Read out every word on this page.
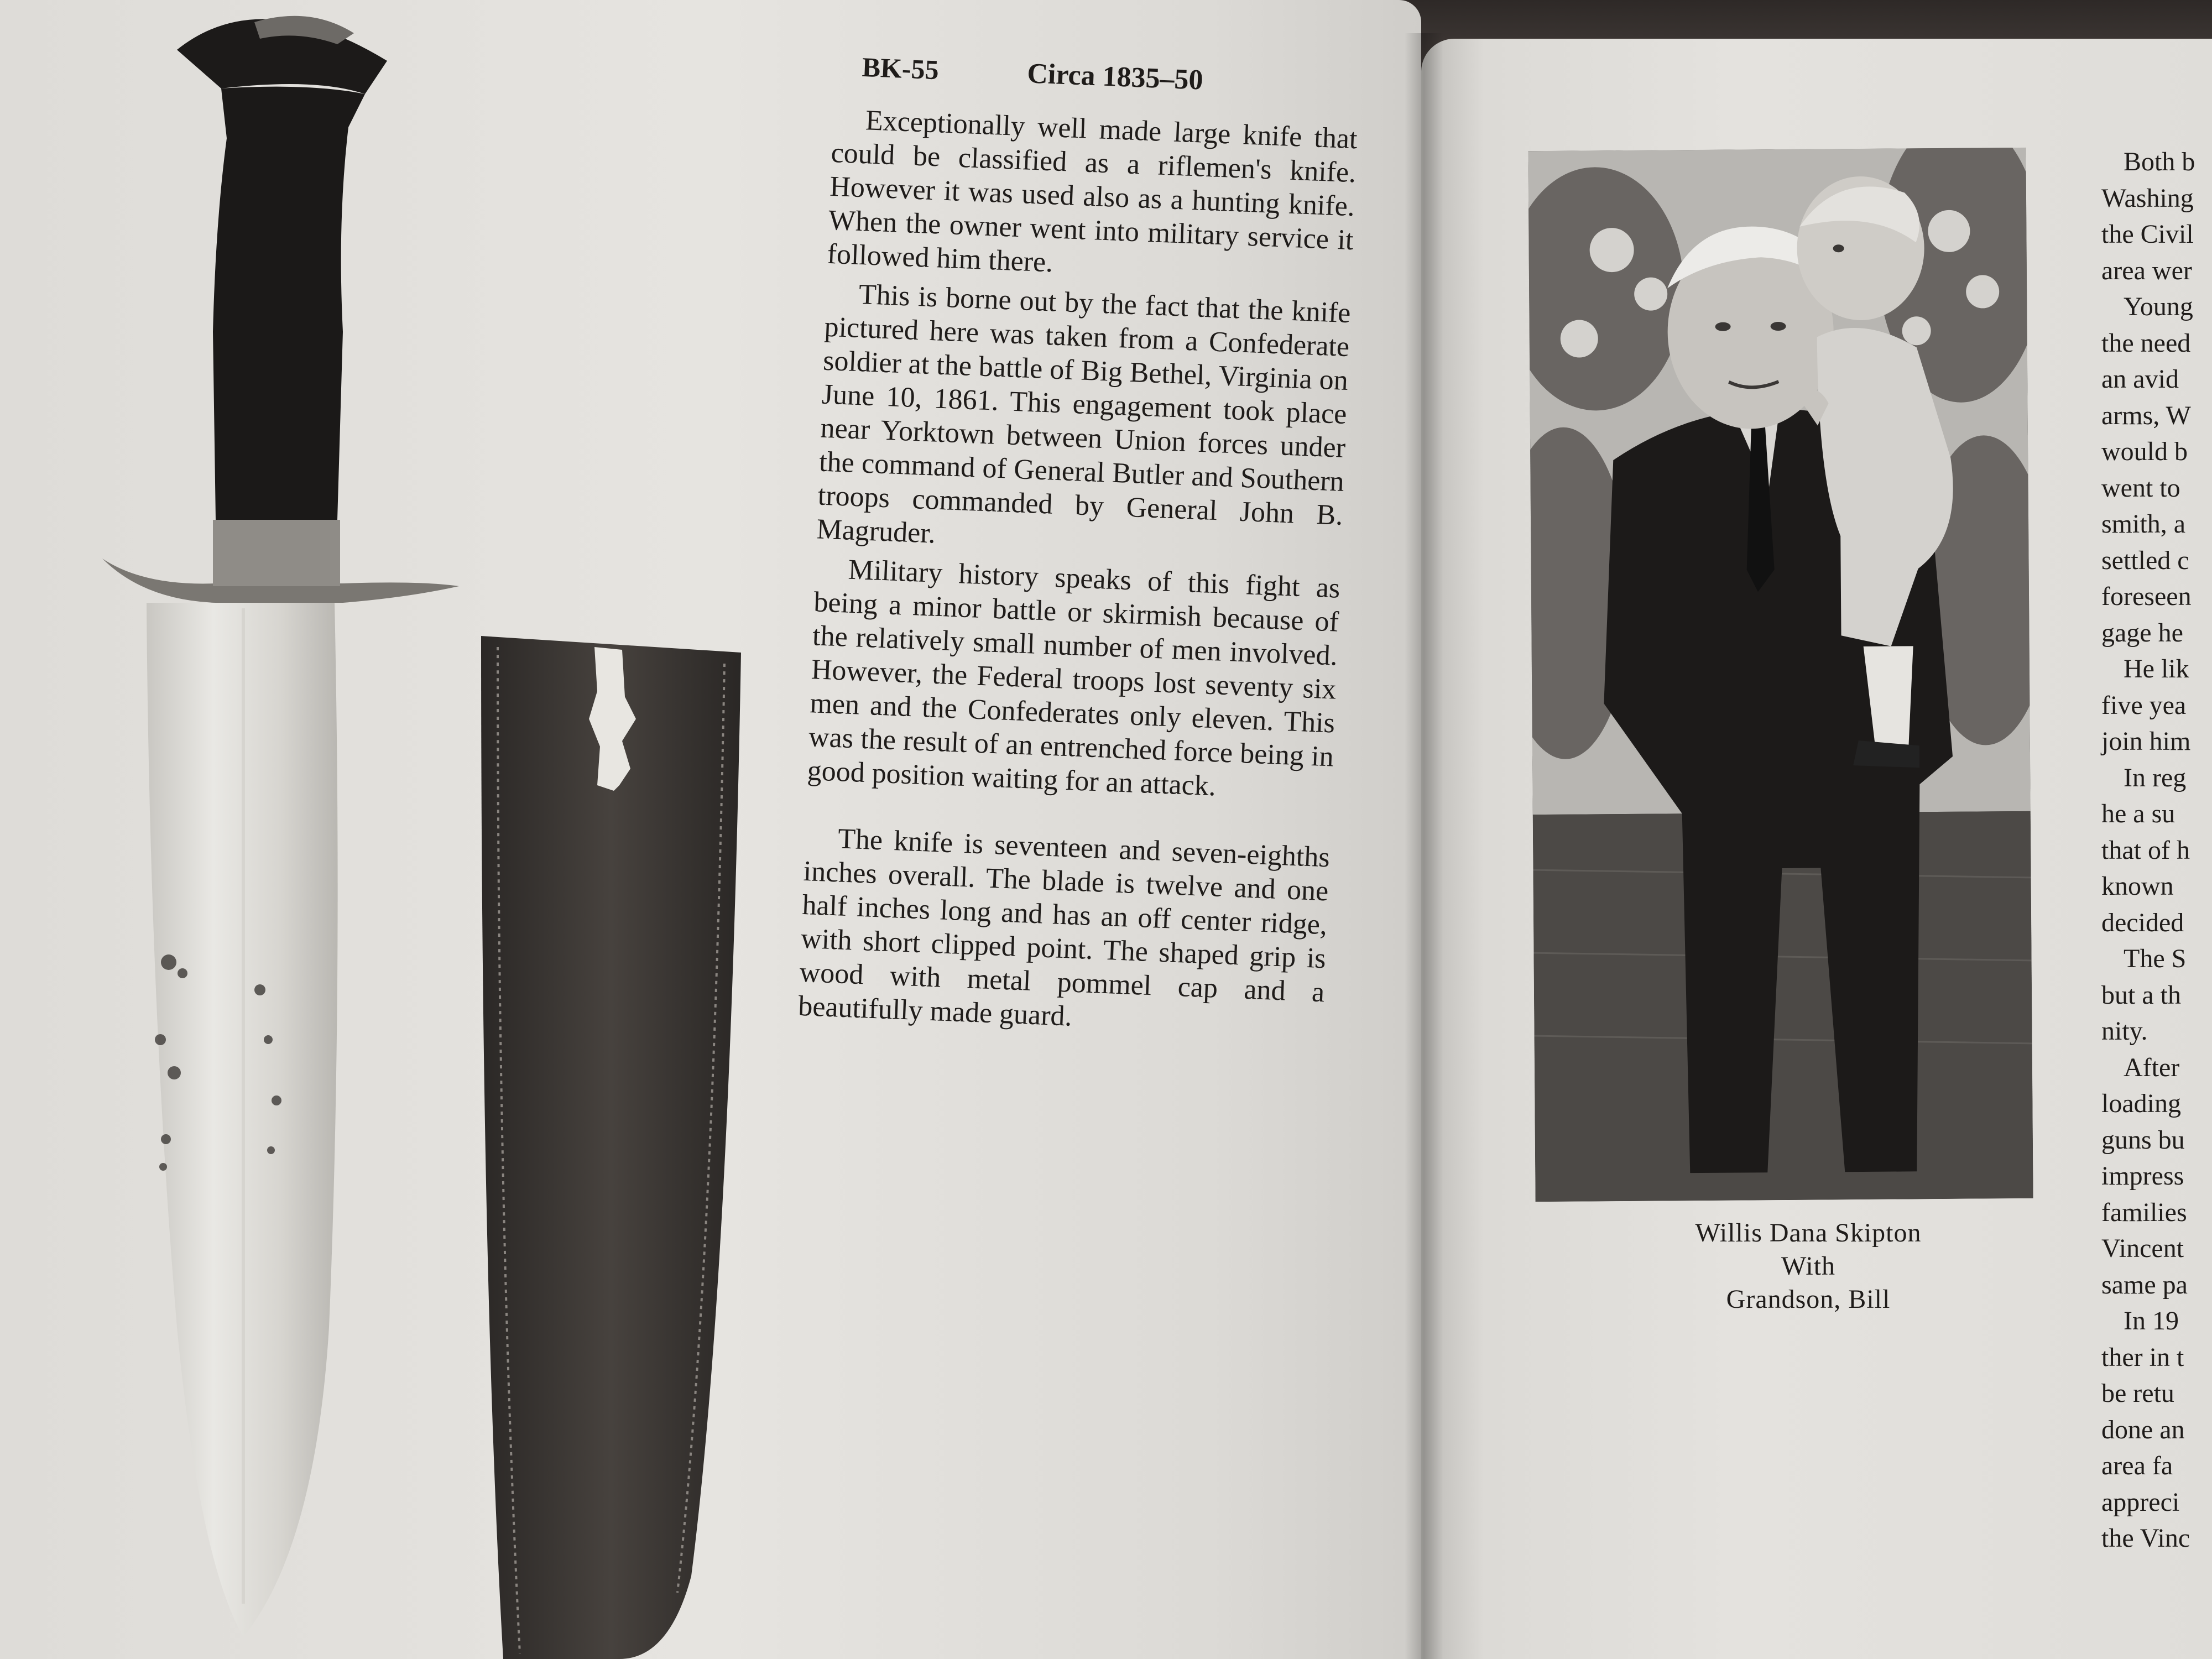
BK-55	Circa 1835–50

Exceptionally well made large knife that could be classified as a riflemen's knife. However it was used also as a hunting knife. When the owner went into military service it followed him there.

This is borne out by the fact that the knife pictured here was taken from a Confederate soldier at the battle of Big Bethel, Virginia on June 10, 1861. This engagement took place near Yorktown between Union forces under the command of General Butler and Southern troops commanded by General John B. Magruder.

Military history speaks of this fight as being a minor battle or skirmish because of the relatively small number of men involved. However, the Federal troops lost seventy six men and the Confederates only eleven. This was the result of an entrenched force being in good position waiting for an attack.

The knife is seventeen and seven-eighths inches overall. The blade is twelve and one half inches long and has an off center ridge, with short clipped point. The shaped grip is wood with metal pommel cap and a beautifully made guard.

Willis Dana Skipton
With
Grandson, Bill
Both b
Washing
the Civil
area wer
Young
the need
an avid
arms, W
would b
went to
smith, a
settled c
foreseen
gage he
He lik
five yea
join him
In reg
he a su
that of h
known
decided
The S
but a th
nity.
After
loading
guns bu
impress
families
Vincent
same pa
In 19
ther in t
be retu
done an
area fa
appreci
the Vinc
